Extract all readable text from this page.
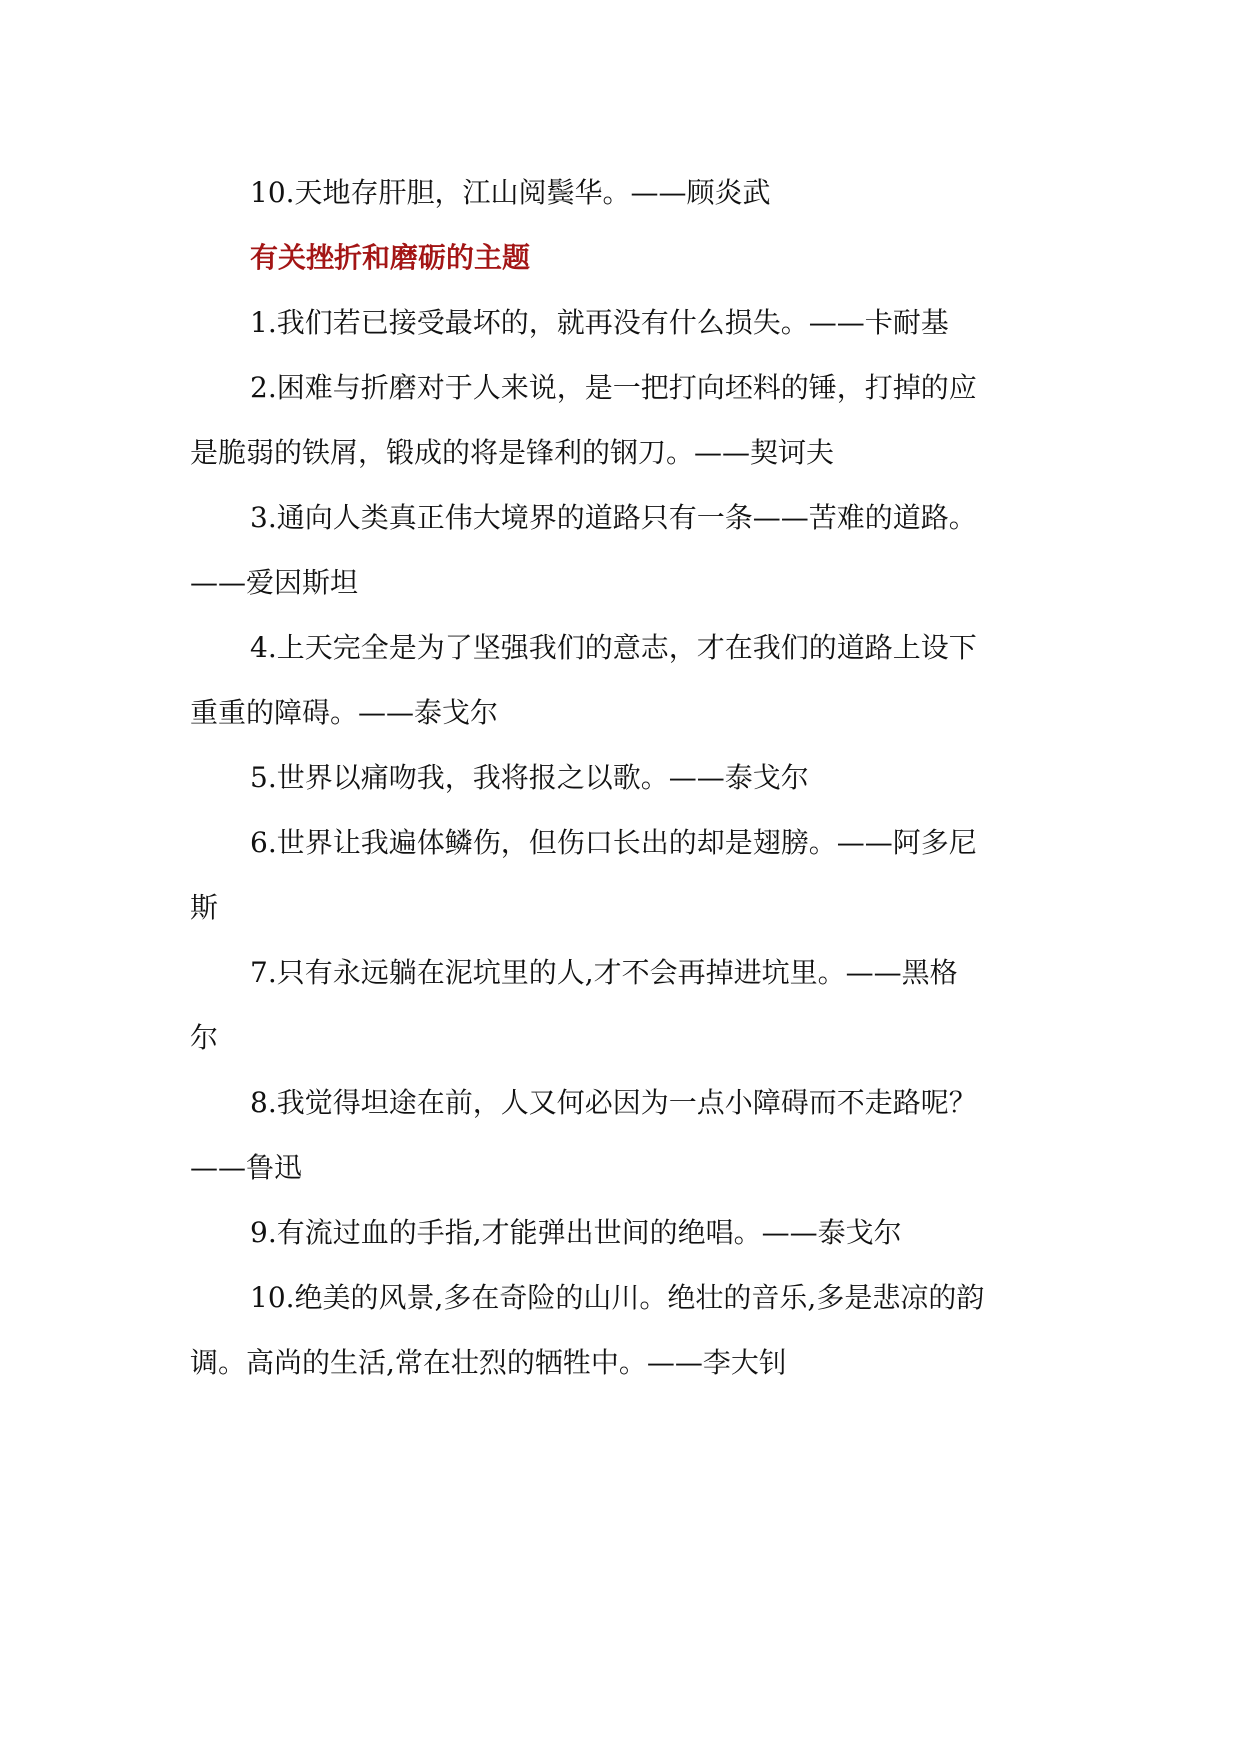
10.天地存肝胆，江山阅鬓华。——顾炎武

有关挫折和磨砺的主题

1.我们若已接受最坏的，就再没有什么损失。——卡耐基

2.困难与折磨对于人来说，是一把打向坯料的锤，打掉的应

是脆弱的铁屑，锻成的将是锋利的钢刀。——契诃夫

3.通向人类真正伟大境界的道路只有一条——苦难的道路。

——爱因斯坦

4.上天完全是为了坚强我们的意志，才在我们的道路上设下

重重的障碍。——泰戈尔

5.世界以痛吻我，我将报之以歌。——泰戈尔

6.世界让我遍体鳞伤，但伤口长出的却是翅膀。——阿多尼

斯

7.只有永远躺在泥坑里的人,才不会再掉进坑里。——黑格

尔

8.我觉得坦途在前，人又何必因为一点小障碍而不走路呢？

——鲁迅

9.有流过血的手指,才能弹出世间的绝唱。——泰戈尔

10.绝美的风景,多在奇险的山川。绝壮的音乐,多是悲凉的韵

调。高尚的生活,常在壮烈的牺牲中。——李大钊
